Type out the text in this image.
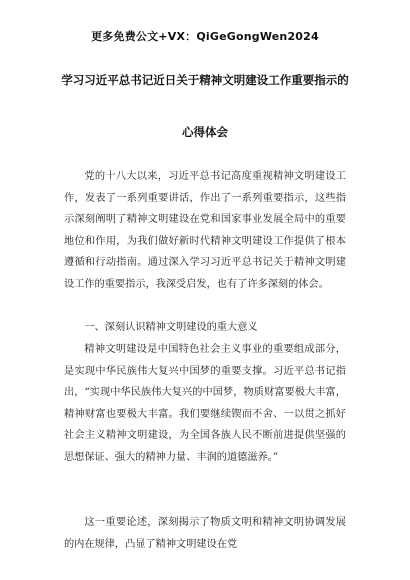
更多免费公文+VX：QiGeGongWen2024
学习习近平总书记近日关于精神文明建设工作重要指示的
心得体会
党的十八大以来，习近平总书记高度重视精神文明建设工作，发表了一系列重要讲话，作出了一系列重要指示，这些指示深刻阐明了精神文明建设在党和国家事业发展全局中的重要地位和作用，为我们做好新时代精神文明建设工作提供了根本遵循和行动指南。通过深入学习习近平总书记关于精神文明建设工作的重要指示，我深受启发，也有了许多深刻的体会。
一、深刻认识精神文明建设的重大意义
精神文明建设是中国特色社会主义事业的重要组成部分，是实现中华民族伟大复兴中国梦的重要支撑。习近平总书记指出，“实现中华民族伟大复兴的中国梦，物质财富要极大丰富，精神财富也要极大丰富。我们要继续锲而不舍、一以贯之抓好社会主义精神文明建设，为全国各族人民不断前进提供坚强的思想保证、强大的精神力量、丰润的道德滋养。”
这一重要论述，深刻揭示了物质文明和精神文明协调发展的内在规律，凸显了精神文明建设在党
